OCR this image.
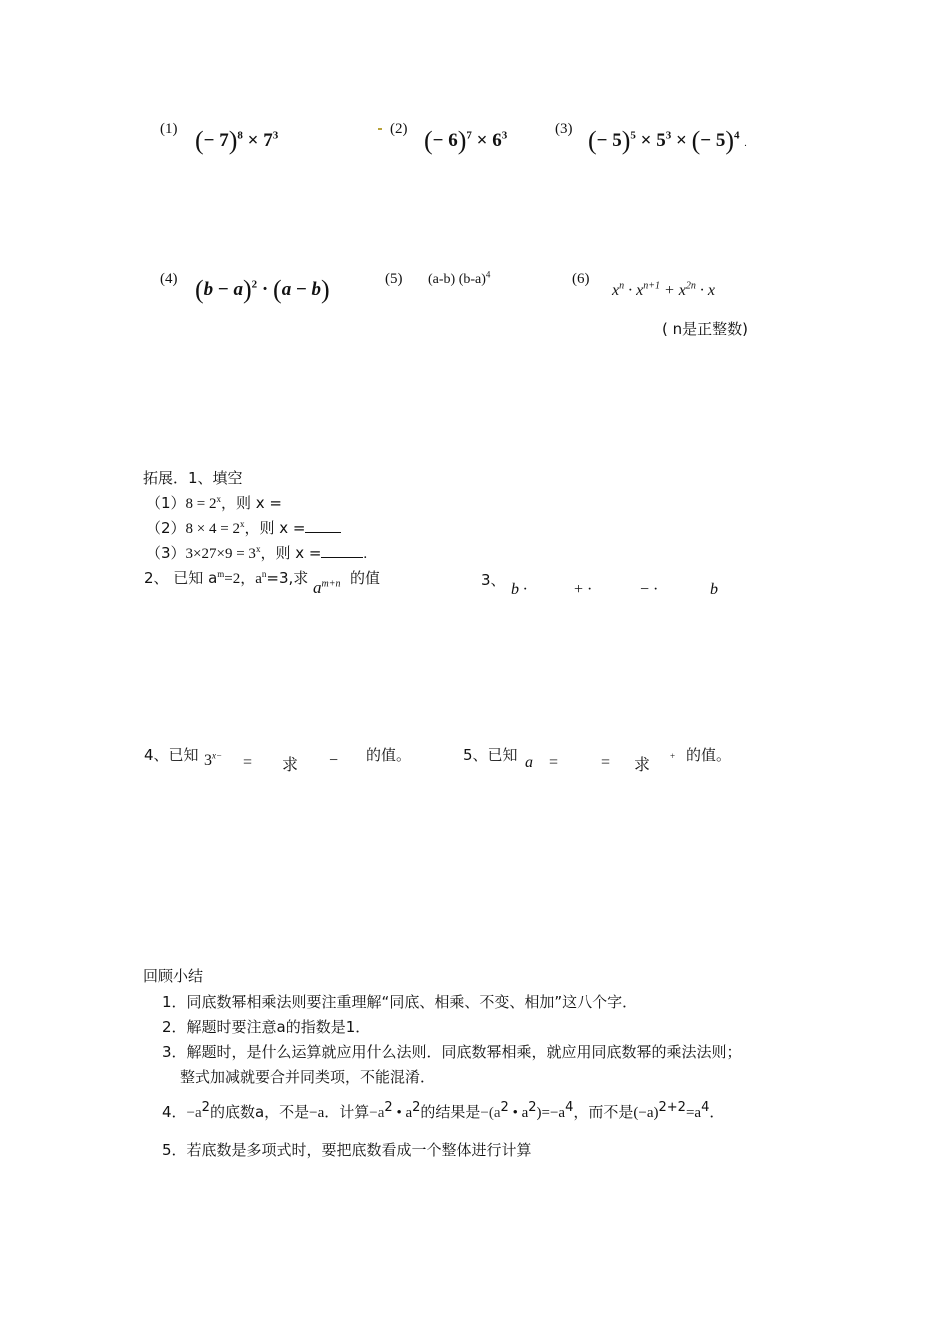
(1) (− $7)^8 \times 7^3$	(2) (− $6)^7 \times 6^3$	(3) (− $5)^5 \times 5^3$ × (− 5)$^4$ .
(4) $(b - a)^2 \cdot (a - b)$	(5) (a-b) $(b-a)^4$	(6)
$x^n \cdot x^{n+1} + x^{2n} \cdot x$
( n是正整数)
拓展．1、填空
$(1)8 = 2^x$，则 x =
$(2)8 \times 4 = 2^x$，则 x =
$(3)3\times 27\times 9 = 3^x$，则 x =	.
2、 已知 $a^m=2$，$a^n=3$,求 $a^{m+n}$ 的值	3、
b ·	+ ·	− ·	b
4、已知 $3^{x-}$ = 求 − 的值。	5、已知 a =	= 求 + 的值。
回顾小结
1．同底数幂相乘法则要注重理解“同底、相乘、不变、相加”这八个字．
2．解题时要注意a的指数是1．
3．解题时，是什么运算就应用什么法则．同底数幂相乘，就应用同底数幂的乘法法则；
整式加减就要合并同类项，不能混淆．
4．$-a^2$的底数a，不是−a．计算$-a^2$ • $a^2$的结果是$-(a^2$ • $a^2)=-a^4$，而不是$(-a)^{2+2}=a^4$．
5．若底数是多项式时，要把底数看成一个整体进行计算
